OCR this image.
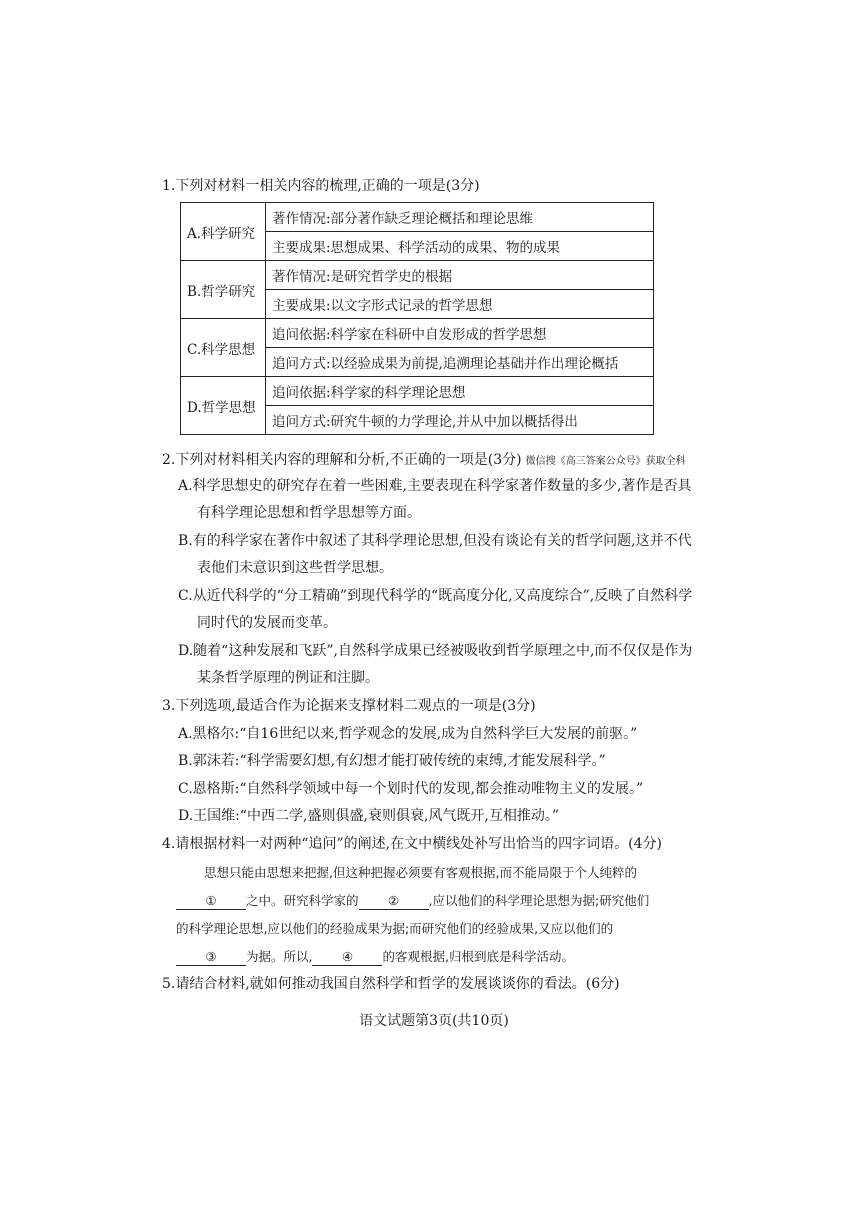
1.下列对材料一相关内容的梳理,正确的一项是(3分)
A.科学研究	著作情况:部分著作缺乏理论概括和理论思维
	主要成果:思想成果、科学活动的成果、物的成果
B.哲学研究	著作情况:是研究哲学史的根据
	主要成果:以文字形式记录的哲学思想
C.科学思想	追问依据:科学家在科研中自发形成的哲学思想
	追问方式:以经验成果为前提,追溯理论基础并作出理论概括
D.哲学思想	追问依据:科学家的科学理论思想
	追问方式:研究牛顿的力学理论,并从中加以概括得出
2.下列对材料相关内容的理解和分析,不正确的一项是(3分) 微信搜《高三答案公众号》获取全科
A.科学思想史的研究存在着一些困难,主要表现在科学家著作数量的多少,著作是否具
有科学理论思想和哲学思想等方面。
B.有的科学家在著作中叙述了其科学理论思想,但没有谈论有关的哲学问题,这并不代
表他们未意识到这些哲学思想。
C.从近代科学的“分工精确”到现代科学的“既高度分化,又高度综合”,反映了自然科学
同时代的发展而变革。
D.随着“这种发展和飞跃”,自然科学成果已经被吸收到哲学原理之中,而不仅仅是作为
某条哲学原理的例证和注脚。
3.下列选项,最适合作为论据来支撑材料二观点的一项是(3分)
A.黑格尔:“自16世纪以来,哲学观念的发展,成为自然科学巨大发展的前驱。”
B.郭沫若:“科学需要幻想,有幻想才能打破传统的束缚,才能发展科学。”
C.恩格斯:“自然科学领域中每一个划时代的发现,都会推动唯物主义的发展。”
D.王国维:“中西二学,盛则俱盛,衰则俱衰,风气既开,互相推动。”
4.请根据材料一对两种“追问”的阐述,在文中横线处补写出恰当的四字词语。(4分)
思想只能由思想来把握,但这种把握必须要有客观根据,而不能局限于个人纯粹的
① 之中。研究科学家的 ② ,应以他们的科学理论思想为据;研究他们
的科学理论思想,应以他们的经验成果为据;而研究他们的经验成果,又应以他们的
③ 为据。所以, ④ 的客观根据,归根到底是科学活动。
5.请结合材料,就如何推动我国自然科学和哲学的发展谈谈你的看法。(6分)
语文试题第3页(共10页)
